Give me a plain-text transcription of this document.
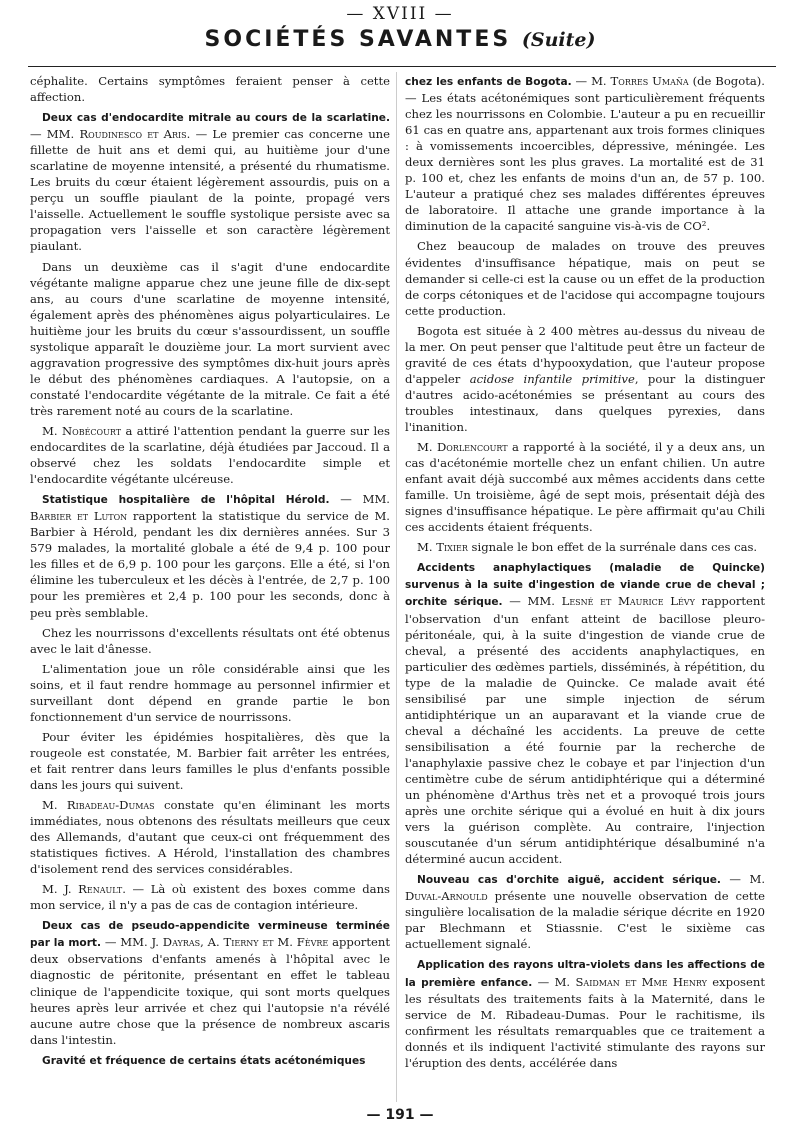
— XVIII —
SOCIÉTÉS SAVANTES (Suite)

céphalite. Certains symptômes feraient penser à cette affection.

Deux cas d'endocardite mitrale au cours de la scarlatine. — MM. Roudinesco et Aris. — Le premier cas concerne une fillette de huit ans et demi qui, au huitième jour d'une scarlatine de moyenne intensité, a présenté du rhumatisme. Les bruits du cœur étaient légèrement assourdis, puis on a perçu un souffle piaulant de la pointe, propagé vers l'aisselle. Actuellement le souffle systolique persiste avec sa propagation vers l'aisselle et son caractère légèrement piaulant.

Dans un deuxième cas il s'agit d'une endocardite végétante maligne apparue chez une jeune fille de dix-sept ans, au cours d'une scarlatine de moyenne intensité, également après des phénomènes aigus polyarticulaires. Le huitième jour les bruits du cœur s'assourdissent, un souffle systolique apparaît le douzième jour. La mort survient avec aggravation progressive des symptômes dix-huit jours après le début des phénomènes cardiaques. A l'autopsie, on a constaté l'endocardite végétante de la mitrale. Ce fait a été très rarement noté au cours de la scarlatine.

M. Nobécourt a attiré l'attention pendant la guerre sur les endocardites de la scarlatine, déjà étudiées par Jaccoud. Il a observé chez les soldats l'endocardite simple et l'endocardite végétante ulcéreuse.

Statistique hospitalière de l'hôpital Hérold. — MM. Barbier et Luton rapportent la statistique du service de M. Barbier à Hérold, pendant les dix dernières années. Sur 3 579 malades, la mortalité globale a été de 9,4 p. 100 pour les filles et de 6,9 p. 100 pour les garçons. Elle a été, si l'on élimine les tuberculeux et les décès à l'entrée, de 2,7 p. 100 pour les premières et 2,4 p. 100 pour les seconds, donc à peu près semblable.

Chez les nourrissons d'excellents résultats ont été obtenus avec le lait d'ânesse.

L'alimentation joue un rôle considérable ainsi que les soins, et il faut rendre hommage au personnel infirmier et surveillant dont dépend en grande partie le bon fonctionnement d'un service de nourrissons.

Pour éviter les épidémies hospitalières, dès que la rougeole est constatée, M. Barbier fait arrêter les entrées, et fait rentrer dans leurs familles le plus d'enfants possible dans les jours qui suivent.

M. Ribadeau-Dumas constate qu'en éliminant les morts immédiates, nous obtenons des résultats meilleurs que ceux des Allemands, d'autant que ceux-ci ont fréquemment des statistiques fictives. A Hérold, l'installation des chambres d'isolement rend des services considérables.

M. J. Renault. — Là où existent des boxes comme dans mon service, il n'y a pas de cas de contagion intérieure.

Deux cas de pseudo-appendicite vermineuse terminée par la mort. — MM. J. Dayras, A. Tierny et M. Fèvre apportent deux observations d'enfants amenés à l'hôpital avec le diagnostic de péritonite, présentant en effet le tableau clinique de l'appendicite toxique, qui sont morts quelques heures après leur arrivée et chez qui l'autopsie n'a révélé aucune autre chose que la présence de nombreux ascaris dans l'intestin.

Gravité et fréquence de certains états acétonémiques

chez les enfants de Bogota. — M. Torres Umaña (de Bogota). — Les états acétonémiques sont particulièrement fréquents chez les nourrissons en Colombie. L'auteur a pu en recueillir 61 cas en quatre ans, appartenant aux trois formes cliniques : à vomissements incoercibles, dépressive, méningée. Les deux dernières sont les plus graves. La mortalité est de 31 p. 100 et, chez les enfants de moins d'un an, de 57 p. 100. L'auteur a pratiqué chez ses malades différentes épreuves de laboratoire. Il attache une grande importance à la diminution de la capacité sanguine vis-à-vis de CO².

Chez beaucoup de malades on trouve des preuves évidentes d'insuffisance hépatique, mais on peut se demander si celle-ci est la cause ou un effet de la production de corps cétoniques et de l'acidose qui accompagne toujours cette production.

Bogota est située à 2 400 mètres au-dessus du niveau de la mer. On peut penser que l'altitude peut être un facteur de gravité de ces états d'hypooxydation, que l'auteur propose d'appeler acidose infantile primitive, pour la distinguer d'autres acido-acétonémies se présentant au cours des troubles intestinaux, dans quelques pyrexies, dans l'inanition.

M. Dorlencourt a rapporté à la société, il y a deux ans, un cas d'acétonémie mortelle chez un enfant chilien. Un autre enfant avait déjà succombé aux mêmes accidents dans cette famille. Un troisième, âgé de sept mois, présentait déjà des signes d'insuffisance hépatique. Le père affirmait qu'au Chili ces accidents étaient fréquents.

M. Tixier signale le bon effet de la surrénale dans ces cas.

Accidents anaphylactiques (maladie de Quincke) survenus à la suite d'ingestion de viande crue de cheval ; orchite sérique. — MM. Lesné et Maurice Lévy rapportent l'observation d'un enfant atteint de bacillose pleuro-péritonéale, qui, à la suite d'ingestion de viande crue de cheval, a présenté des accidents anaphylactiques, en particulier des œdèmes partiels, disséminés, à répétition, du type de la maladie de Quincke. Ce malade avait été sensibilisé par une simple injection de sérum antidiphtérique un an auparavant et la viande crue de cheval a déchaîné les accidents. La preuve de cette sensibilisation a été fournie par la recherche de l'anaphylaxie passive chez le cobaye et par l'injection d'un centimètre cube de sérum antidiphtérique qui a déterminé un phénomène d'Arthus très net et a provoqué trois jours après une orchite sérique qui a évolué en huit à dix jours vers la guérison complète. Au contraire, l'injection souscutanée d'un sérum antidiphtérique désalbuminé n'a déterminé aucun accident.

Nouveau cas d'orchite aiguë, accident sérique. — M. Duval-Arnould présente une nouvelle observation de cette singulière localisation de la maladie sérique décrite en 1920 par Blechmann et Stiassnie. C'est le sixième cas actuellement signalé.

Application des rayons ultra-violets dans les affections de la première enfance. — M. Saidman et Mme Henry exposent les résultats des traitements faits à la Maternité, dans le service de M. Ribadeau-Dumas. Pour le rachitisme, ils confirment les résultats remarquables que ce traitement a donnés et ils indiquent l'activité stimulante des rayons sur l'éruption des dents, accélérée dans

— 191 —
